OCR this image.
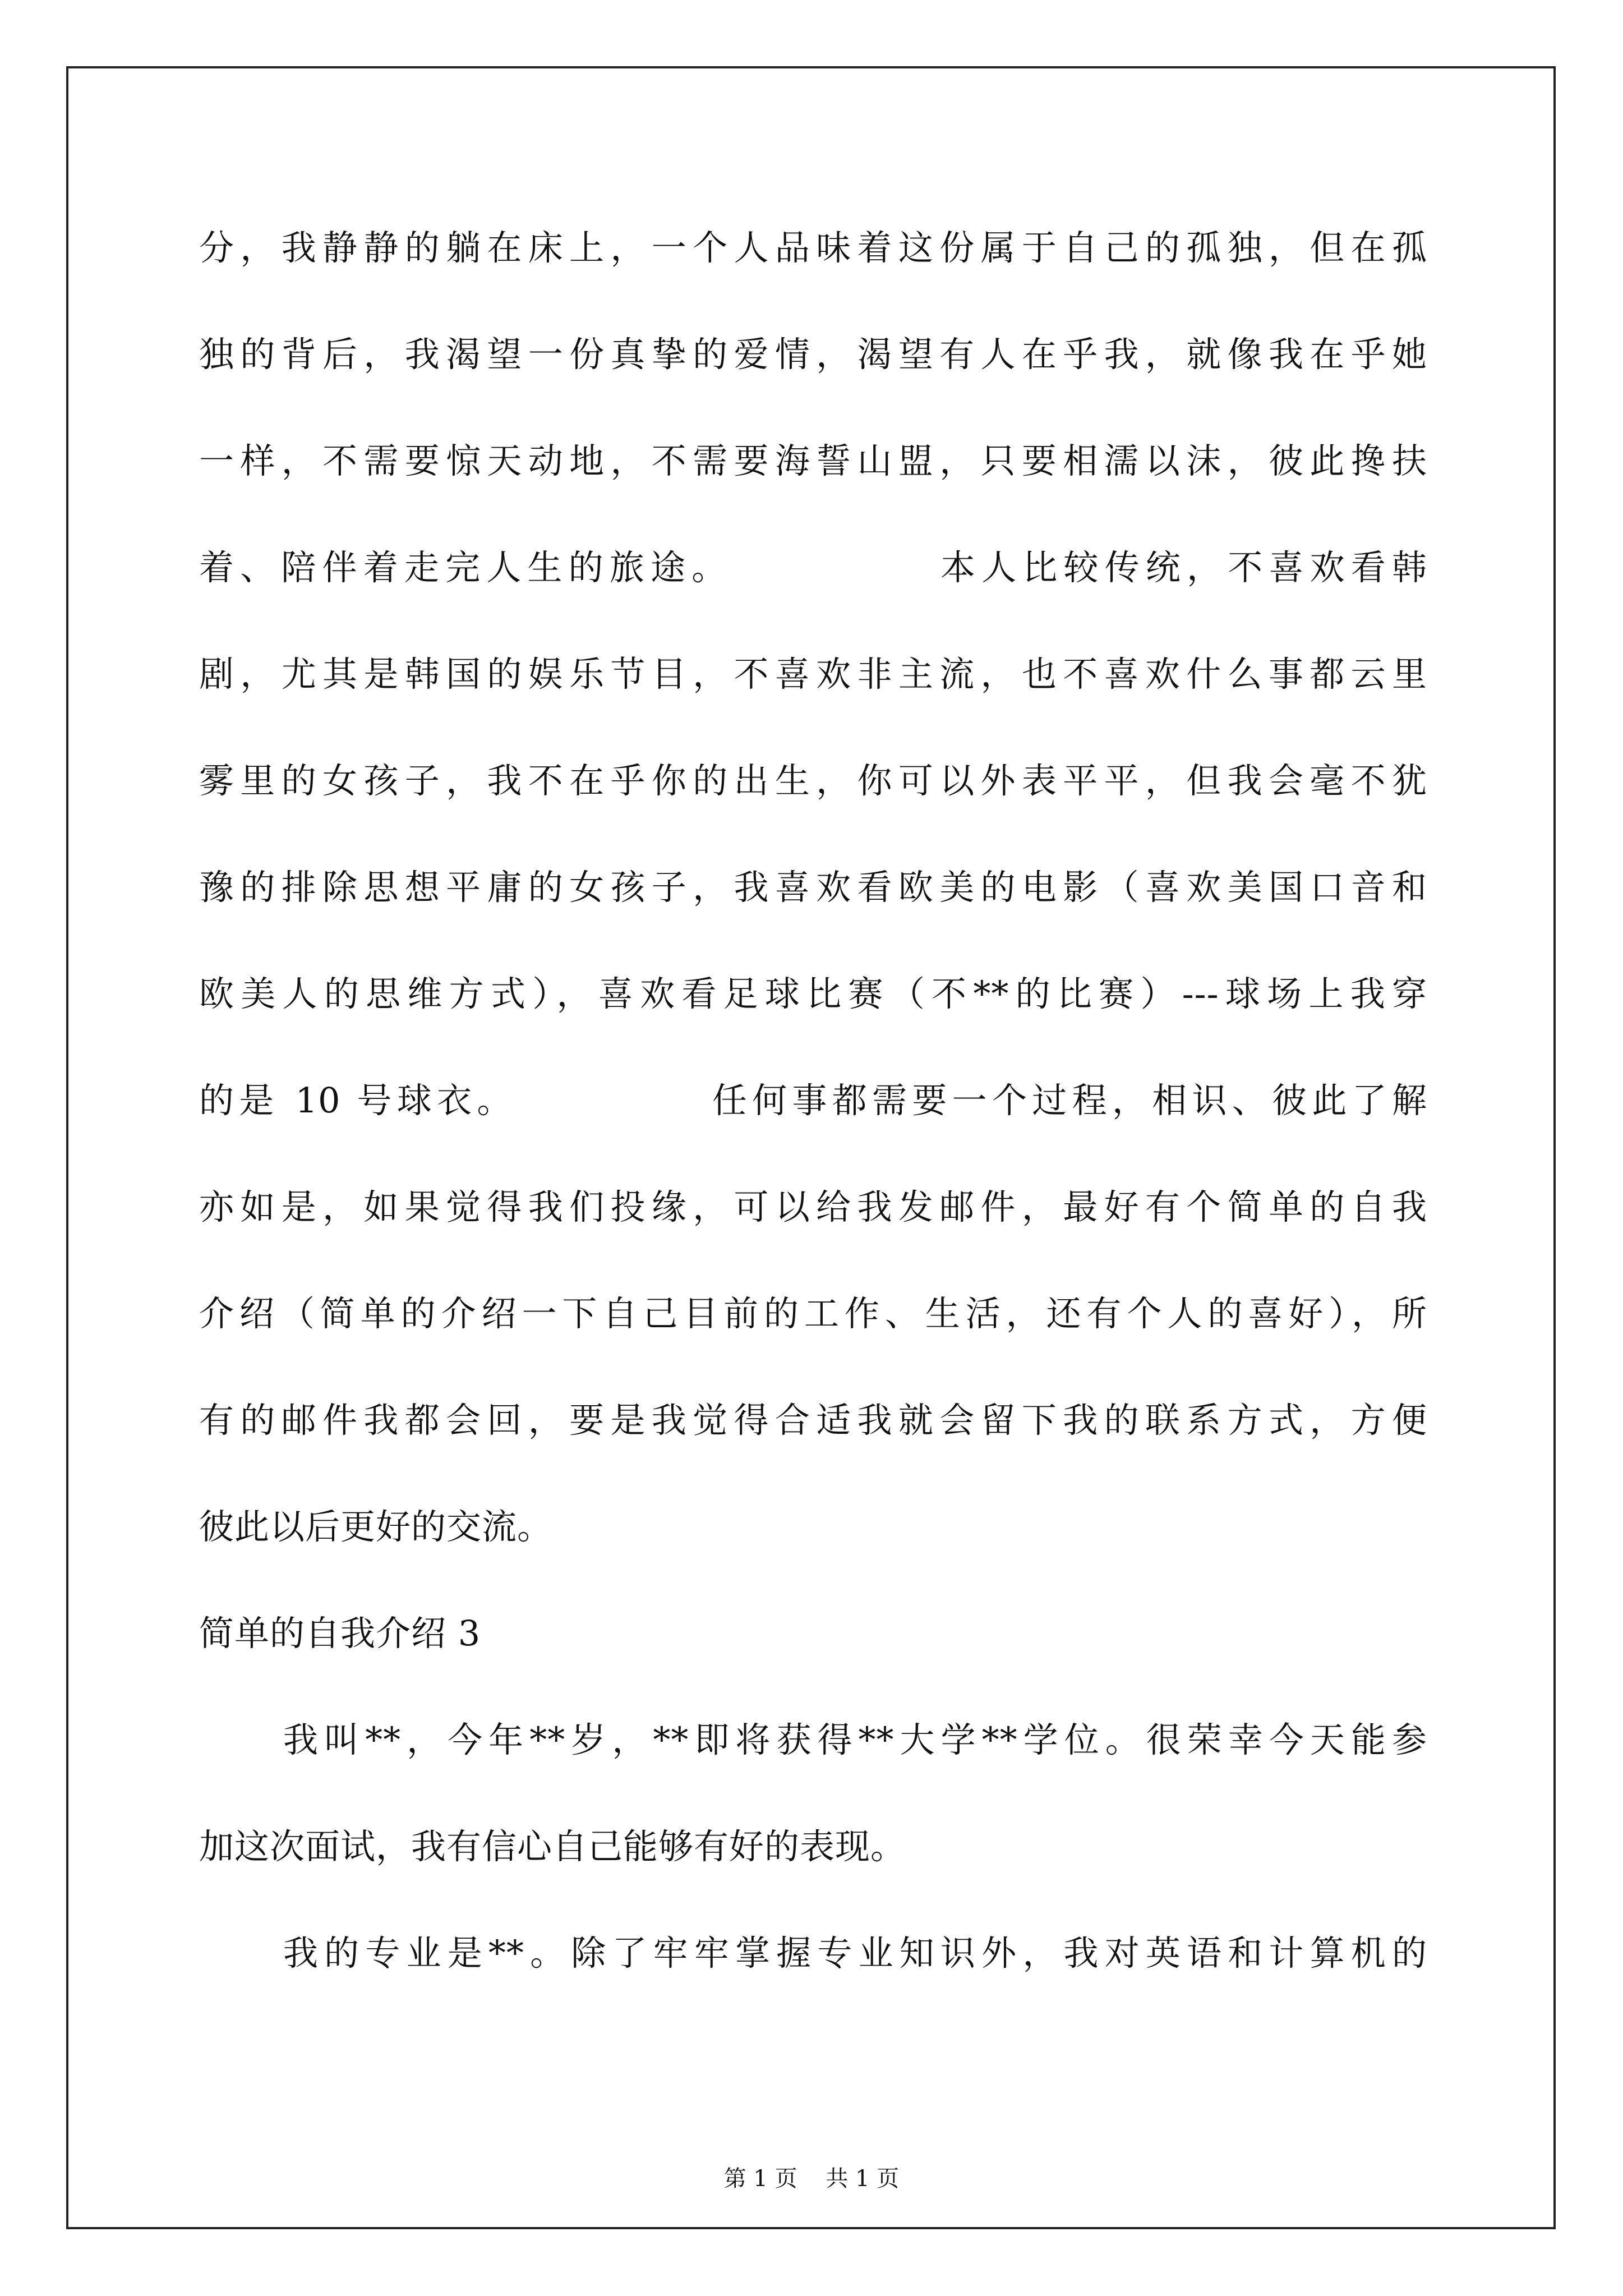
分，我静静的躺在床上，一个人品味着这份属于自己的孤独，但在孤
独的背后，我渴望一份真挚的爱情，渴望有人在乎我，就像我在乎她
一样，不需要惊天动地，不需要海誓山盟，只要相濡以沫，彼此搀扶
着、陪伴着走完人生的旅途。            本人比较传统，不喜欢看韩
剧，尤其是韩国的娱乐节目，不喜欢非主流，也不喜欢什么事都云里
雾里的女孩子，我不在乎你的出生，你可以外表平平，但我会毫不犹
豫的排除思想平庸的女孩子，我喜欢看欧美的电影（喜欢美国口音和
欧美人的思维方式），喜欢看足球比赛（不**的比赛）---球场上我穿
的是 10 号球衣。            任何事都需要一个过程，相识、彼此了解
亦如是，如果觉得我们投缘，可以给我发邮件，最好有个简单的自我
介绍（简单的介绍一下自己目前的工作、生活，还有个人的喜好），所
有的邮件我都会回，要是我觉得合适我就会留下我的联系方式，方便
彼此以后更好的交流。
简单的自我介绍 3
我叫**，今年**岁，**即将获得**大学**学位。很荣幸今天能参
加这次面试，我有信心自己能够有好的表现。
我的专业是**。除了牢牢掌握专业知识外，我对英语和计算机的
第 1 页    共 1 页
